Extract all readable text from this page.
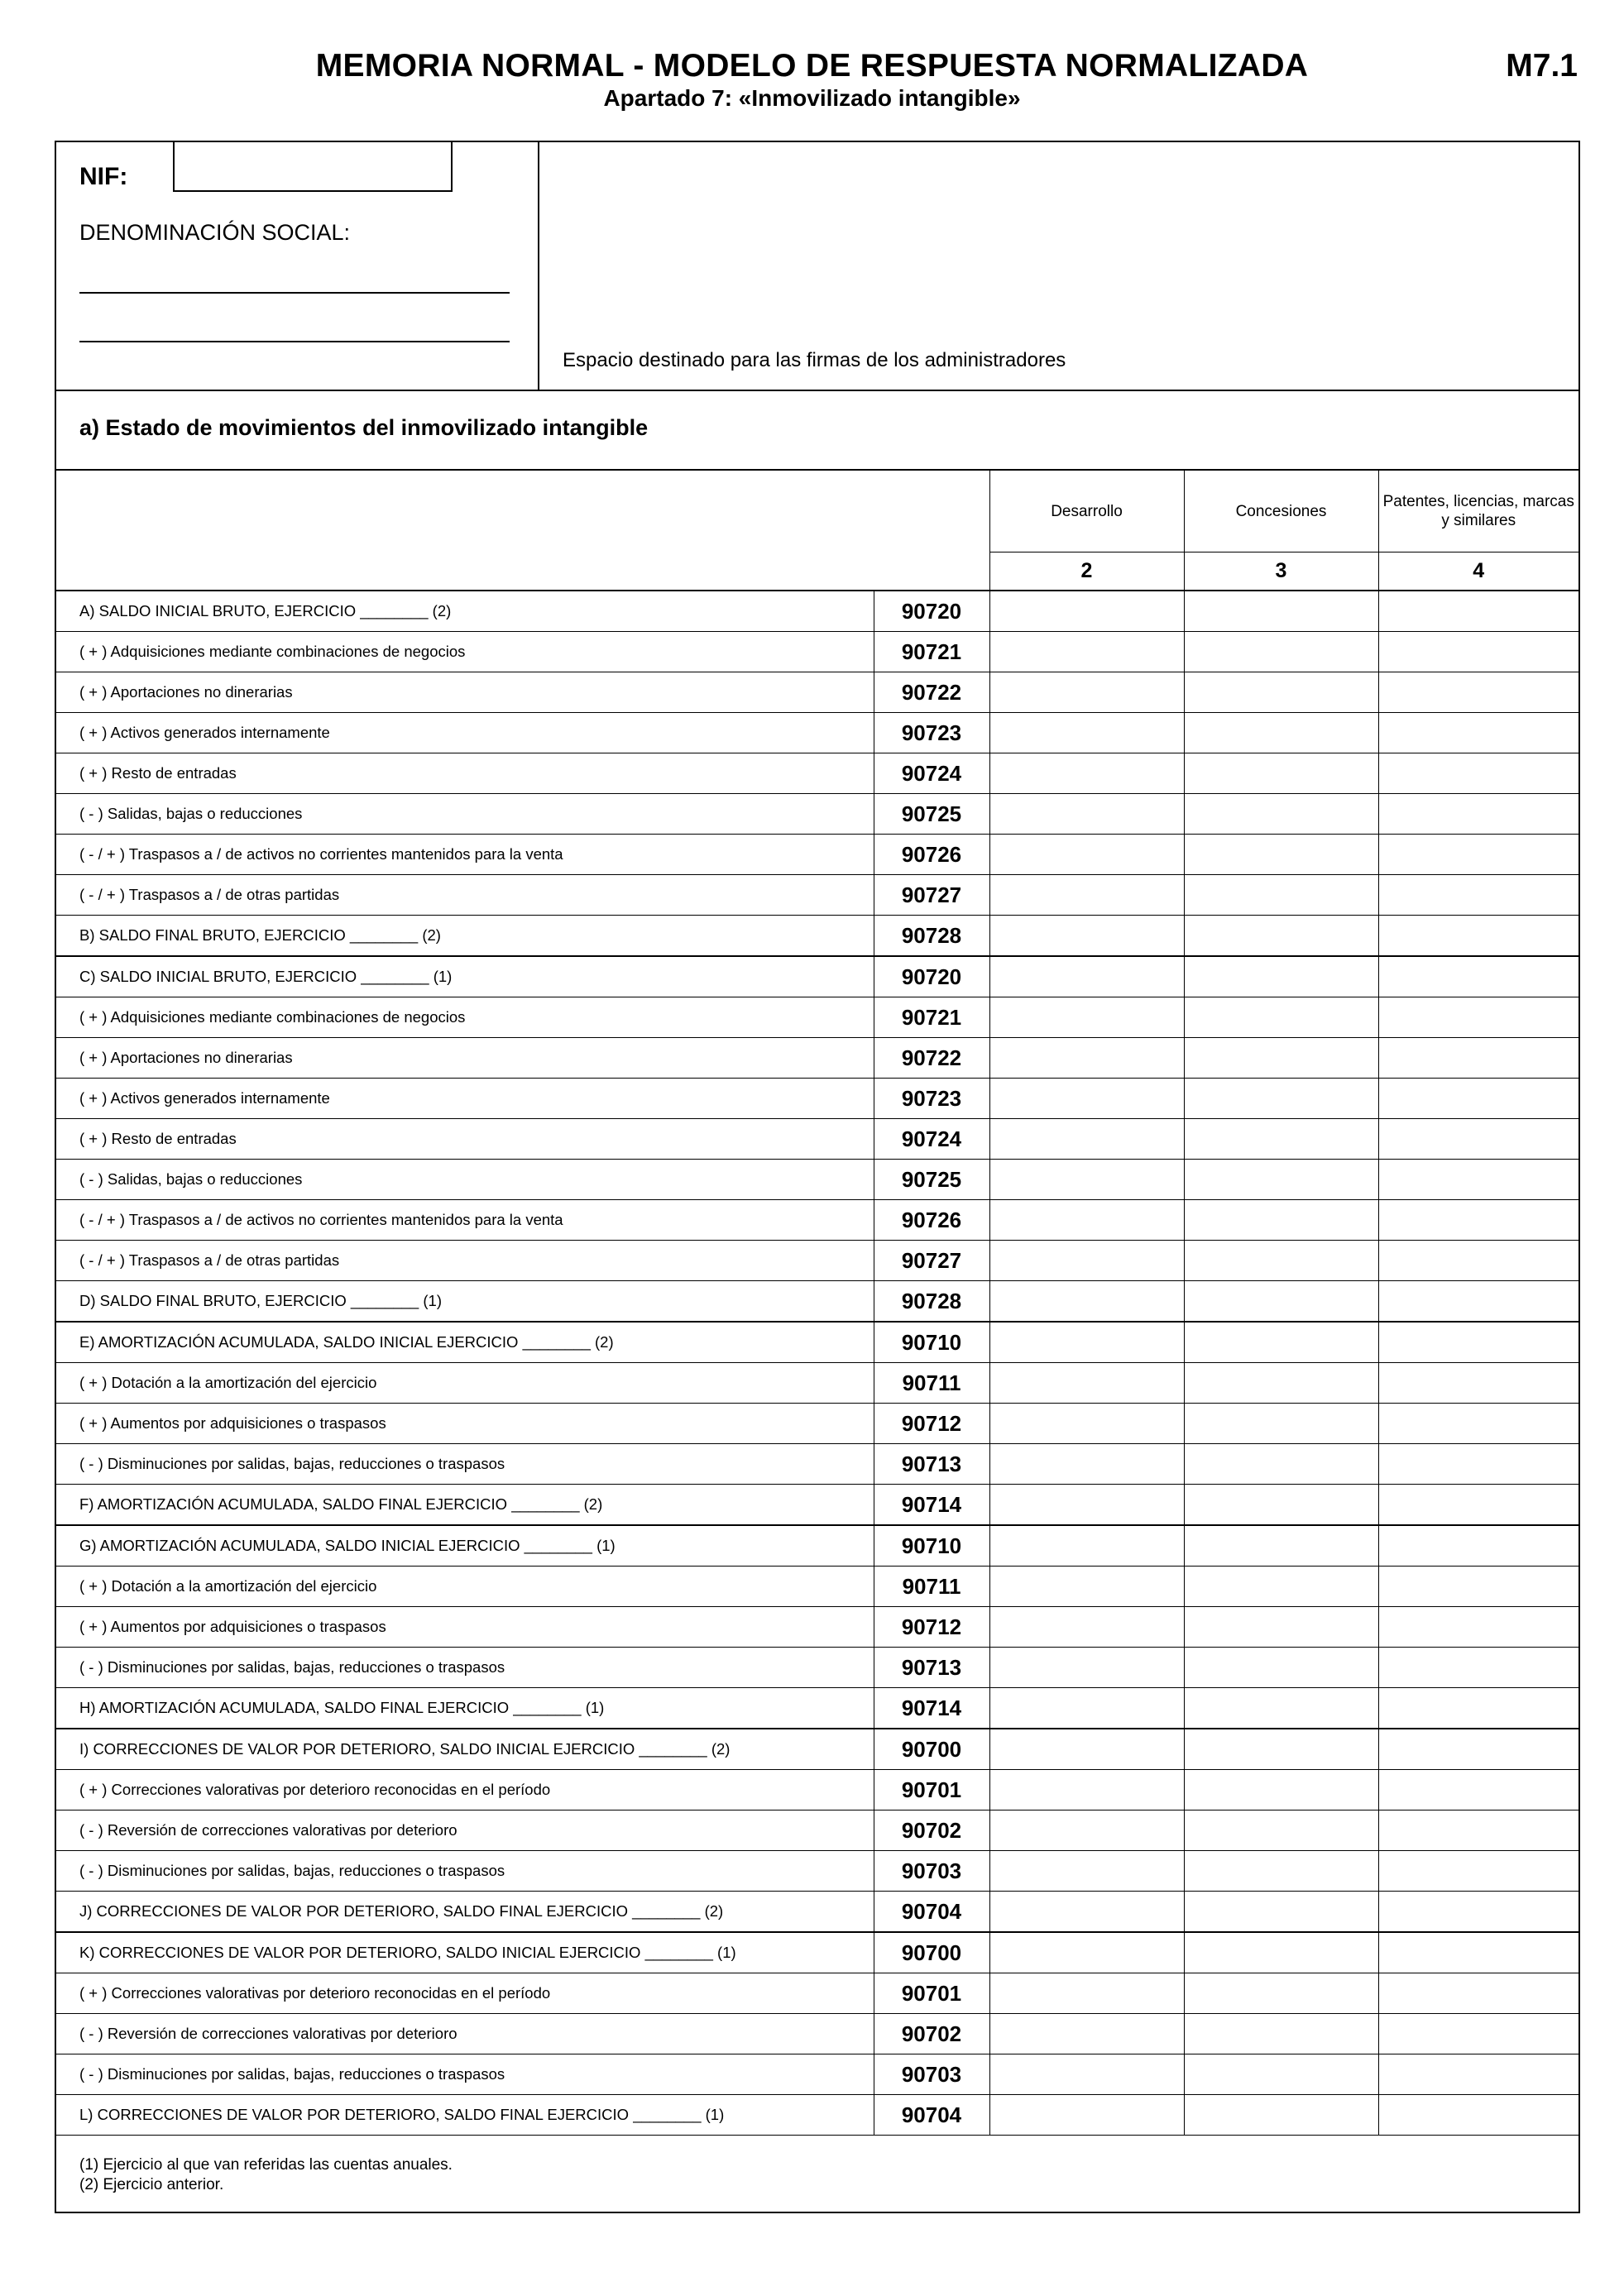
MEMORIA NORMAL - MODELO DE RESPUESTA NORMALIZADA
Apartado 7: «Inmovilizado intangible»
M7.1
NIF:
DENOMINACIÓN SOCIAL:
Espacio destinado para las firmas de los administradores
a) Estado de movimientos del inmovilizado intangible
		Desarrollo	Concesiones	Patentes, licencias, marcas y similares
		2	3	4
A) SALDO INICIAL BRUTO, EJERCICIO ________ (2)	90720			
( + ) Adquisiciones mediante combinaciones de negocios	90721			
( + ) Aportaciones no dinerarias	90722			
( + ) Activos generados internamente	90723			
( + ) Resto de entradas	90724			
( - ) Salidas, bajas o reducciones	90725			
( - / + ) Traspasos a / de activos no corrientes mantenidos para la venta	90726			
( - / + ) Traspasos a / de otras partidas	90727			
B) SALDO FINAL BRUTO, EJERCICIO ________ (2)	90728			
C) SALDO INICIAL BRUTO, EJERCICIO ________ (1)	90720			
( + ) Adquisiciones mediante combinaciones de negocios	90721			
( + ) Aportaciones no dinerarias	90722			
( + ) Activos generados internamente	90723			
( + ) Resto de entradas	90724			
( - ) Salidas, bajas o reducciones	90725			
( - / + ) Traspasos a / de activos no corrientes mantenidos para la venta	90726			
( - / + ) Traspasos a / de otras partidas	90727			
D) SALDO FINAL BRUTO, EJERCICIO ________ (1)	90728			
E) AMORTIZACIÓN ACUMULADA, SALDO INICIAL EJERCICIO ________ (2)	90710			
( + ) Dotación a la amortización del ejercicio	90711			
( + ) Aumentos por adquisiciones o traspasos	90712			
( - ) Disminuciones por salidas, bajas, reducciones o traspasos	90713			
F) AMORTIZACIÓN ACUMULADA, SALDO FINAL EJERCICIO ________ (2)	90714			
G) AMORTIZACIÓN ACUMULADA, SALDO INICIAL EJERCICIO ________ (1)	90710			
( + ) Dotación a la amortización del ejercicio	90711			
( + ) Aumentos por adquisiciones o traspasos	90712			
( - ) Disminuciones por salidas, bajas, reducciones o traspasos	90713			
H) AMORTIZACIÓN ACUMULADA, SALDO FINAL EJERCICIO ________ (1)	90714			
I) CORRECCIONES DE VALOR POR DETERIORO, SALDO INICIAL EJERCICIO ________ (2)	90700			
( + ) Correcciones valorativas por deterioro reconocidas en el período	90701			
( - ) Reversión de correcciones valorativas por deterioro	90702			
( - ) Disminuciones por salidas, bajas, reducciones o traspasos	90703			
J) CORRECCIONES DE VALOR POR DETERIORO, SALDO FINAL EJERCICIO ________ (2)	90704			
K) CORRECCIONES DE VALOR POR DETERIORO, SALDO INICIAL EJERCICIO ________ (1)	90700			
( + ) Correcciones valorativas por deterioro reconocidas en el período	90701			
( - ) Reversión de correcciones valorativas por deterioro	90702			
( - ) Disminuciones por salidas, bajas, reducciones o traspasos	90703			
L) CORRECCIONES DE VALOR POR DETERIORO, SALDO FINAL EJERCICIO ________ (1)	90704			
(1) Ejercicio al que van referidas las cuentas anuales.
(2) Ejercicio anterior.
